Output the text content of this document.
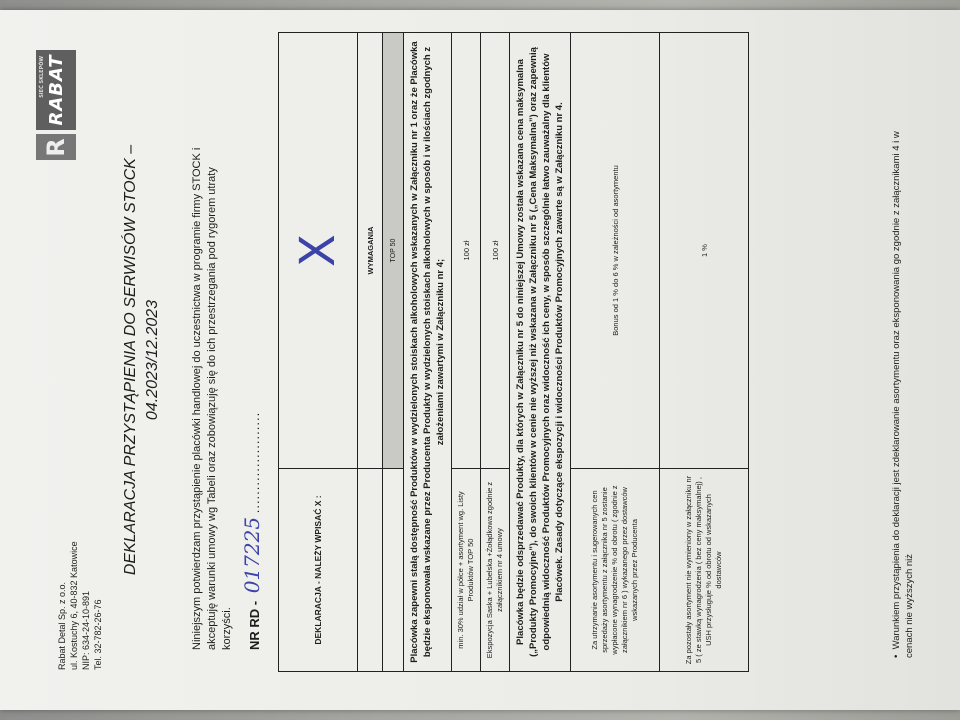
Rabat Detal Sp. z o.o. ul. Kostuchy 6, 40-832 Katowice NIP: 634-24-10-891 Tel. 32-782-26-76
R
SIEĆ SKLEPÓW RABAT
DEKLARACJA PRZYSTĄPIENIA DO SERWISÓW STOCK – 04.2023/12.2023	Niniejszym potwierdzam przystąpienie placówki handlowej do uczestnictwa w programie firmy STOCK i akceptuję warunki umowy wg Tabeli oraz zobowiązuję się do ich przestrzegania pod rygorem utraty korzyści.	NR RD - 017225 ......................
DEKLARACJA - NALEŻY WPISAĆ X :	X
	WYMAGANIA
	TOP 50
Placówka zapewni stałą dostępność Produktów w wydzielonych stoiskach alkoholowych wskazanych w Załączniku nr 1 oraz że Placówka będzie eksponowała wskazane przez Producenta Produkty w wydzielonych stoiskach alkoholowych w sposób i w ilościach zgodnych z założeniami zawartymi w Załączniku nr 4;	
min. 30% udział w półce + asortyment wg. Listy Produktów TOP 50	100 zł
Ekspozycja Saska + Lubelska +Żołądkowa zgodnie z załącznikiem nr 4 umowy	100 zł
Placówka będzie odsprzedawać Produkty, dla których w Załączniku nr 5 do niniejszej Umowy została wskazana cena maksymalna („Produkty Promocyjne”), do swoich klientów w cenie nie wyższej niż wskazana w Załączniku nr 5 („Cena Maksymalna”) oraz zapewnią odpowiednią widoczność Produktów Promocyjnych oraz widoczność ich ceny, w sposób szczególnie łatwo zauważalny dla klientów Placówek. Zasady dotyczące ekspozycji i widoczności Produktów Promocyjnych zawarte są w Załączniku nr 4.	
Za utrzymanie asortymentu i sugerowanych cen sprzedaży asortymentu z załącznika nr 5 zostanie wypłacone wynagrodzenie % od obrotu ( zgodnie z załącznikiem nr 6 ) wykazanego przez dostawców wskazanych przez Producenta	Bonus od 1 % do 6 % w zależności od asortymentu
Za pozostały asortyment nie wymieniony w załączniku nr 5 ( ze stawką wynagrodzenia ( bez ceny maksymalnej) , USH przysługuje % od obrotu od wskazanych dostawców	1 %
•  Warunkiem przystąpienia do deklaracji jest zdeklarowanie asortymentu oraz eksponowania go zgodnie z załącznikami 4 i w cenach nie wyższych niż
